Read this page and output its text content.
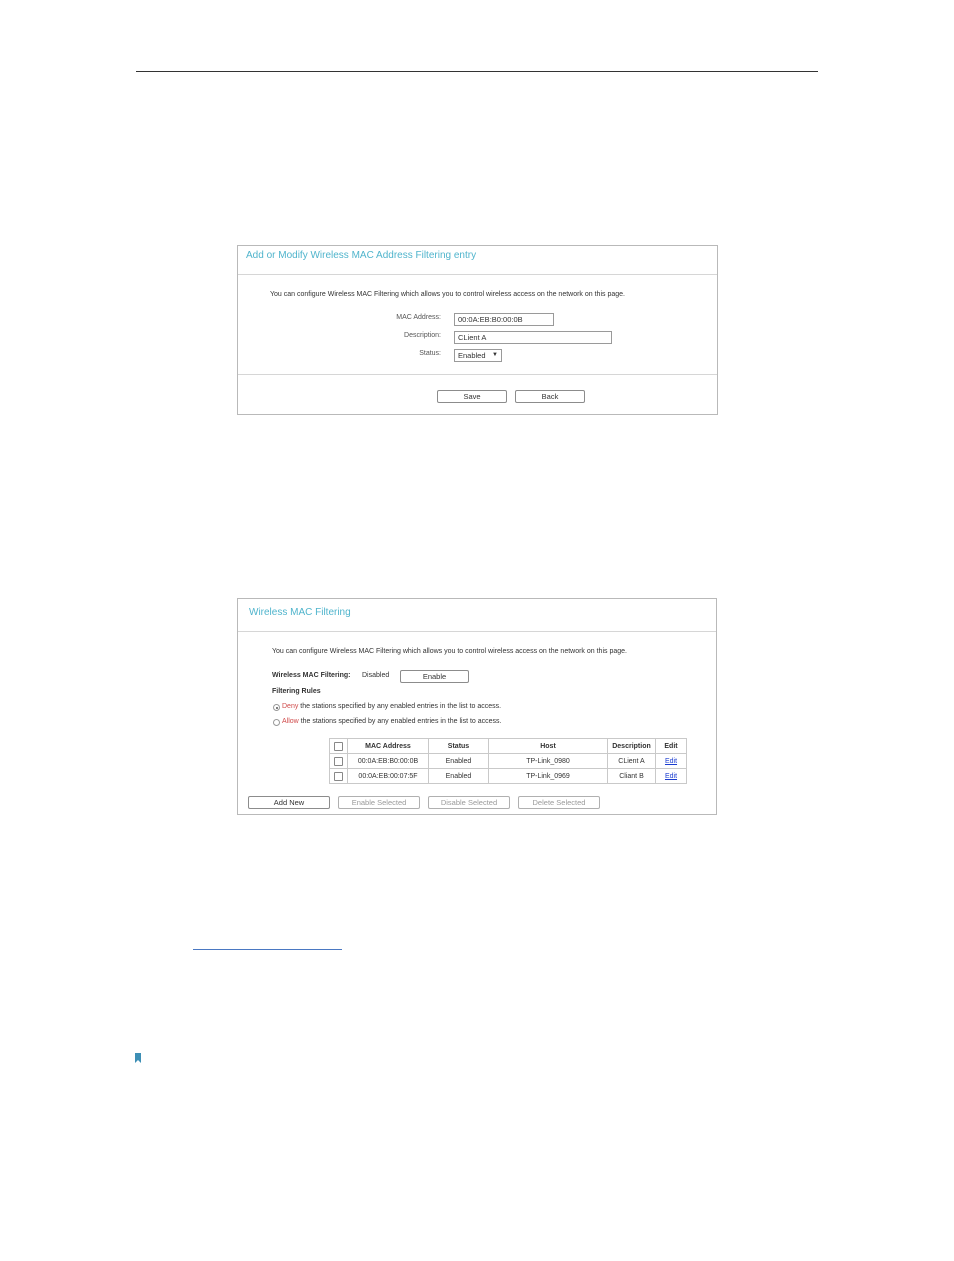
Add or Modify Wireless MAC Address Filtering entry
You can configure Wireless MAC Filtering which allows you to control wireless access on the network on this page.
MAC Address:
00:0A:EB:B0:00:0B
Description:
CLient A
Status:	Enabled ▼
Save	Back
Wireless MAC Filtering
You can configure Wireless MAC Filtering which allows you to control wireless access on the network on this page.
Wireless MAC Filtering: Disabled	Enable
Filtering Rules
Deny the stations specified by any enabled entries in the list to access.
Allow the stations specified by any enabled entries in the list to access.
	MAC Address	Status	Host	Description	Edit
	00:0A:EB:B0:00:0B	Enabled	TP-Link_0980	CLient A	Edit
	00:0A:EB:00:07:5F	Enabled	TP-Link_0969	Cliant B	Edit
Add New	Enable Selected	Disable Selected	Delete Selected
